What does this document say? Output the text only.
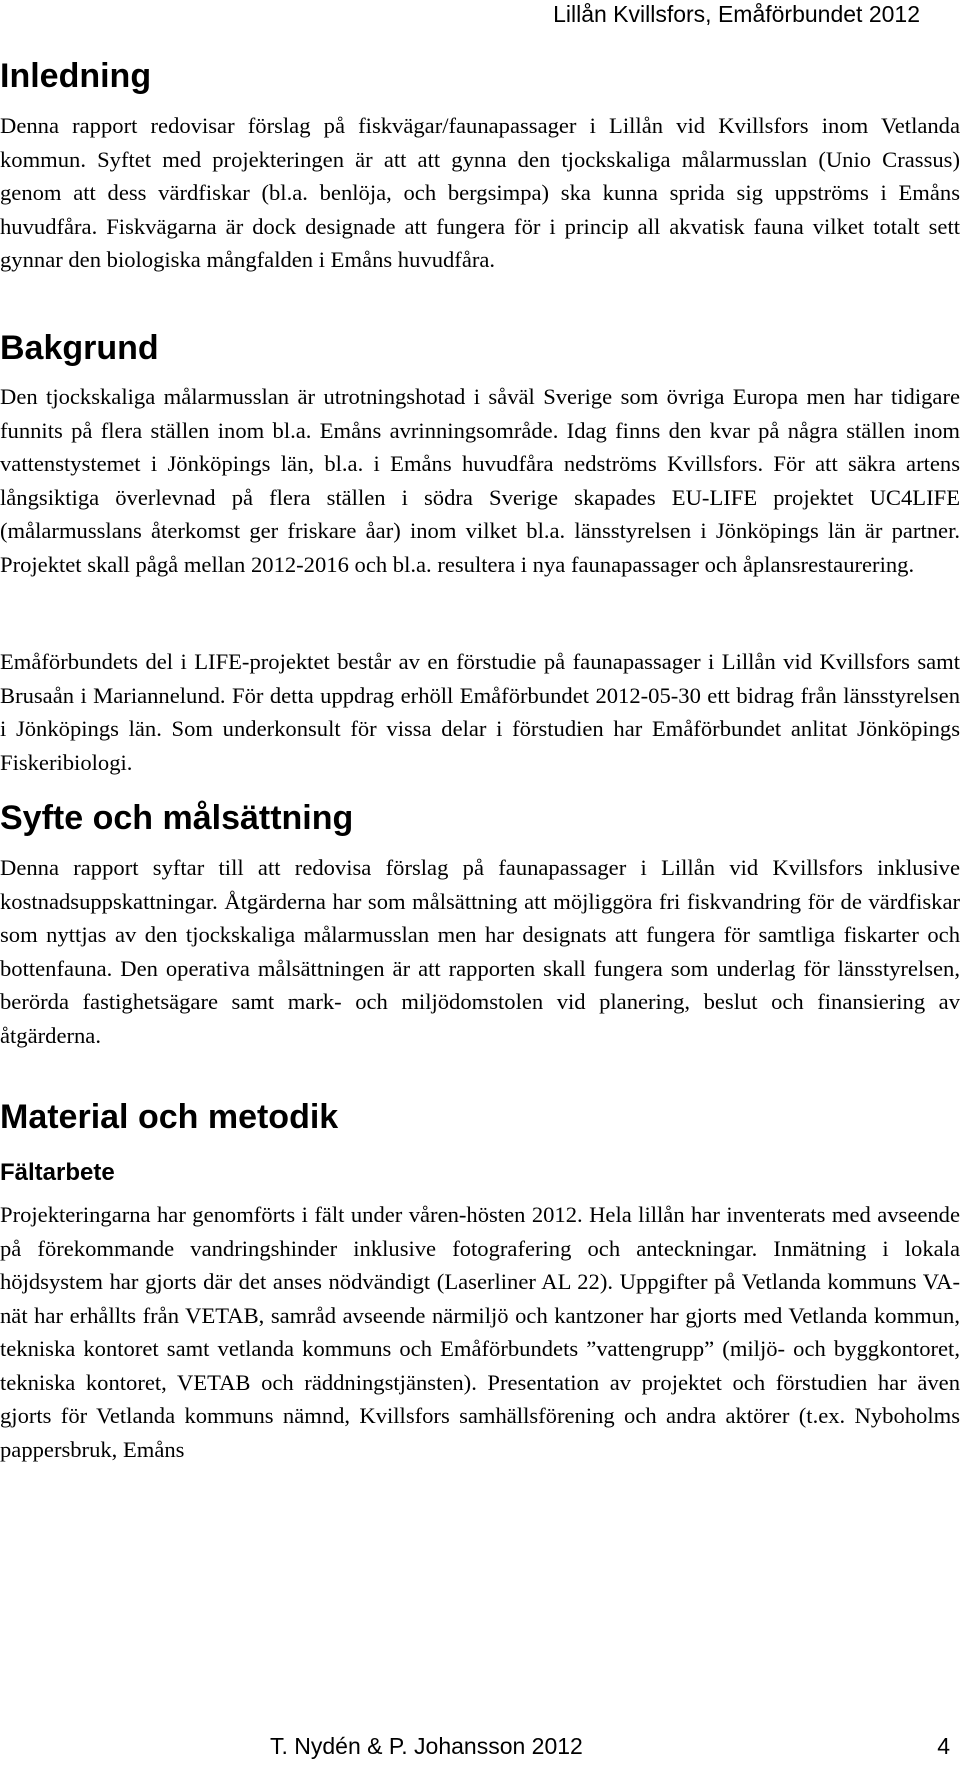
Lillån Kvillsfors, Emåförbundet 2012
Inledning

Denna rapport redovisar förslag på fiskvägar/faunapassager i Lillån vid Kvillsfors inom Vetlanda kommun. Syftet med projekteringen är att att gynna den tjockskaliga målarmusslan (Unio Crassus) genom att dess värdfiskar (bl.a. benlöja, och bergsimpa) ska kunna sprida sig uppströms i Emåns huvudfåra. Fiskvägarna är dock designade att fungera för i princip all akvatisk fauna vilket totalt sett gynnar den biologiska mångfalden i Emåns huvudfåra.

Bakgrund

Den tjockskaliga målarmusslan är utrotningshotad i såväl Sverige som övriga Europa men har tidigare funnits på flera ställen inom bl.a. Emåns avrinningsområde. Idag finns den kvar på några ställen inom vattenstystemet i Jönköpings län, bl.a. i Emåns huvudfåra nedströms Kvillsfors. För att säkra artens långsiktiga överlevnad på flera ställen i södra Sverige skapades EU-LIFE projektet UC4LIFE (målarmusslans återkomst ger friskare åar) inom vilket bl.a. länsstyrelsen i Jönköpings län är partner. Projektet skall pågå mellan 2012-2016 och bl.a. resultera i nya faunapassager och åplansrestaurering.

Emåförbundets del i LIFE-projektet består av en förstudie på faunapassager i Lillån vid Kvillsfors samt Brusaån i Mariannelund. För detta uppdrag erhöll Emåförbundet 2012-05-30 ett bidrag från länsstyrelsen i Jönköpings län. Som underkonsult för vissa delar i förstudien har Emåförbundet anlitat Jönköpings Fiskeribiologi.

Syfte och målsättning

Denna rapport syftar till att redovisa förslag på faunapassager i Lillån vid Kvillsfors inklusive kostnadsuppskattningar. Åtgärderna har som målsättning att möjliggöra fri fiskvandring för de värdfiskar som nyttjas av den tjockskaliga målarmusslan men har designats att fungera för samtliga fiskarter och bottenfauna. Den operativa målsättningen är att rapporten skall fungera som underlag för länsstyrelsen, berörda fastighetsägare samt mark- och miljödomstolen vid planering, beslut och finansiering av åtgärderna.

Material och metodik
Fältarbete

Projekteringarna har genomförts i fält under våren-hösten 2012. Hela lillån har inventerats med avseende på förekommande vandringshinder inklusive fotografering och anteckningar. Inmätning i lokala höjdsystem har gjorts där det anses nödvändigt (Laserliner AL 22). Uppgifter på Vetlanda kommuns VA-nät har erhållts från VETAB, samråd avseende närmiljö och kantzoner har gjorts med Vetlanda kommun, tekniska kontoret samt vetlanda kommuns och Emåförbundets ”vattengrupp” (miljö- och byggkontoret, tekniska kontoret, VETAB och räddningstjänsten). Presentation av projektet och förstudien har även gjorts för Vetlanda kommuns nämnd, Kvillsfors samhällsförening och andra aktörer (t.ex. Nyboholms pappersbruk, Emåns

T. Nydén & P. Johansson 2012	4
